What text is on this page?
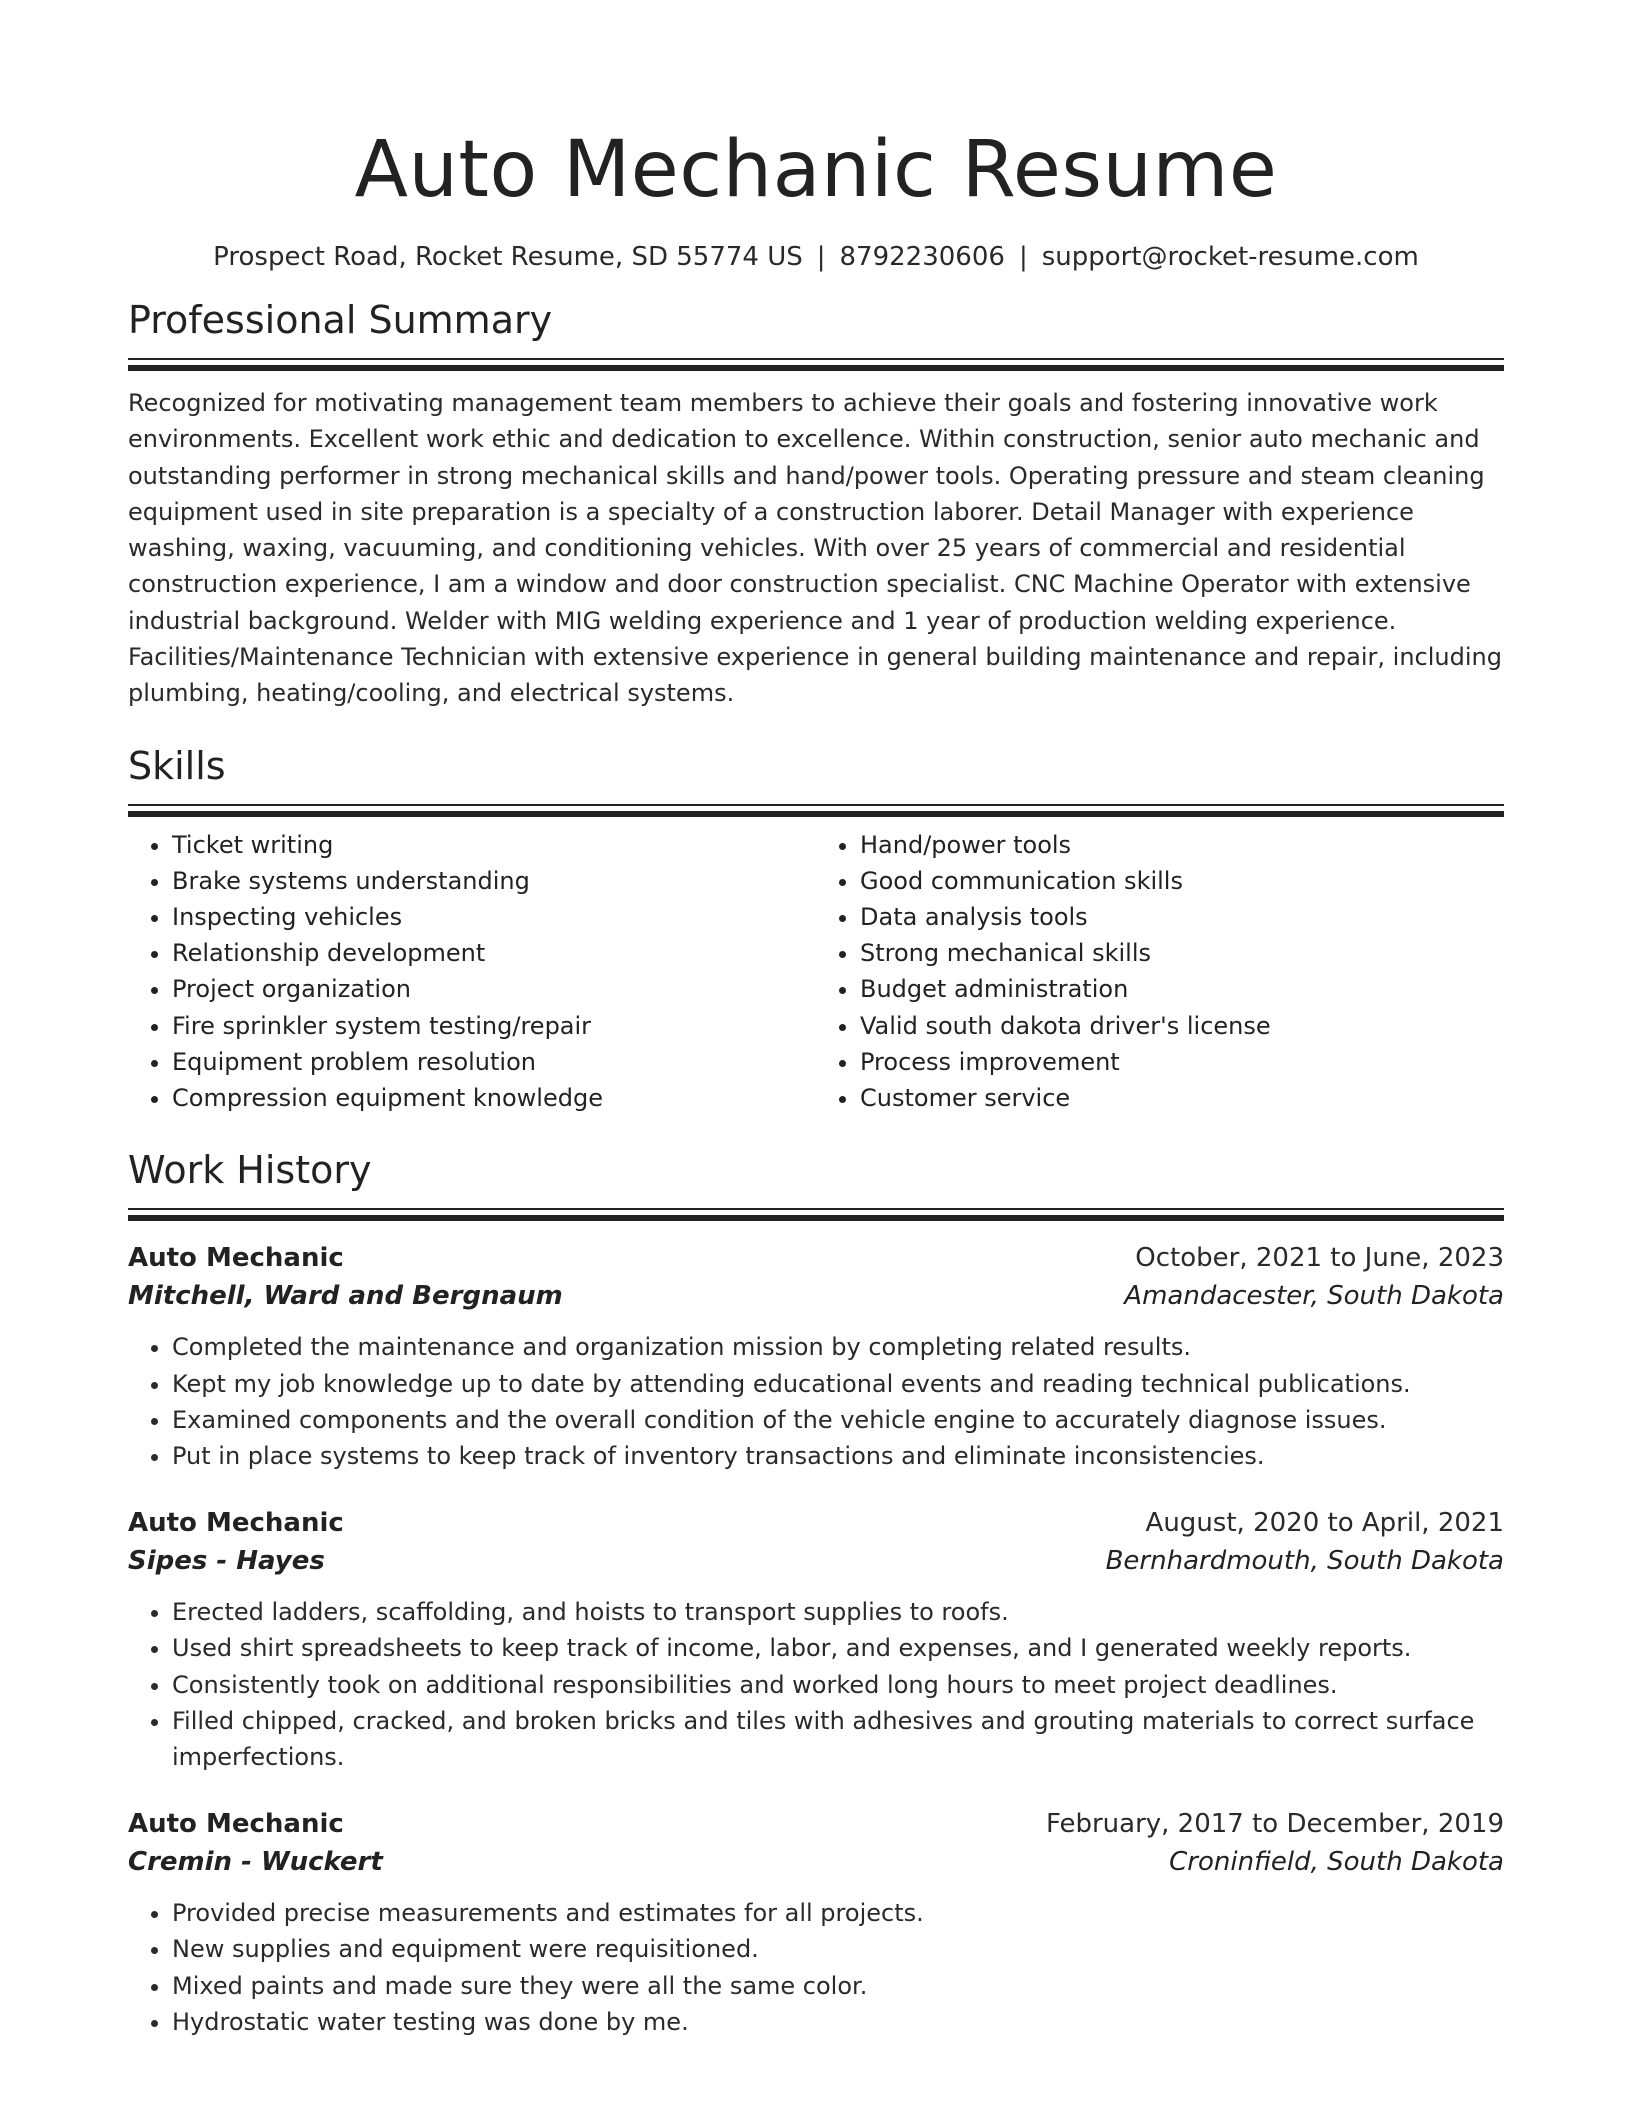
Auto Mechanic Resume
Prospect Road, Rocket Resume, SD 55774 US | 8792230606 | support@rocket-resume.com
Professional Summary

Recognized for motivating management team members to achieve their goals and fostering innovative work environments. Excellent work ethic and dedication to excellence. Within construction, senior auto mechanic and outstanding performer in strong mechanical skills and hand/power tools. Operating pressure and steam cleaning equipment used in site preparation is a specialty of a construction laborer. Detail Manager with experience washing, waxing, vacuuming, and conditioning vehicles. With over 25 years of commercial and residential construction experience, I am a window and door construction specialist. CNC Machine Operator with extensive industrial background. Welder with MIG welding experience and 1 year of production welding experience. Facilities/Maintenance Technician with extensive experience in general building maintenance and repair, including plumbing, heating/cooling, and electrical systems.

Skills
• Ticket writing
• Brake systems understanding
• Inspecting vehicles
• Relationship development
• Project organization
• Fire sprinkler system testing/repair
• Equipment problem resolution
• Compression equipment knowledge
• Hand/power tools
• Good communication skills
• Data analysis tools
• Strong mechanical skills
• Budget administration
• Valid south dakota driver's license
• Process improvement
• Customer service
Work History
Auto Mechanic	October, 2021 to June, 2023
Mitchell, Ward and Bergnaum	Amandacester, South Dakota
• Completed the maintenance and organization mission by completing related results.
• Kept my job knowledge up to date by attending educational events and reading technical publications.
• Examined components and the overall condition of the vehicle engine to accurately diagnose issues.
• Put in place systems to keep track of inventory transactions and eliminate inconsistencies.
Auto Mechanic	August, 2020 to April, 2021
Sipes - Hayes	Bernhardmouth, South Dakota
• Erected ladders, scaffolding, and hoists to transport supplies to roofs.
• Used shirt spreadsheets to keep track of income, labor, and expenses, and I generated weekly reports.
• Consistently took on additional responsibilities and worked long hours to meet project deadlines.
• Filled chipped, cracked, and broken bricks and tiles with adhesives and grouting materials to correct surface imperfections.
Auto Mechanic	February, 2017 to December, 2019
Cremin - Wuckert	Croninfield, South Dakota
• Provided precise measurements and estimates for all projects.
• New supplies and equipment were requisitioned.
• Mixed paints and made sure they were all the same color.
• Hydrostatic water testing was done by me.
